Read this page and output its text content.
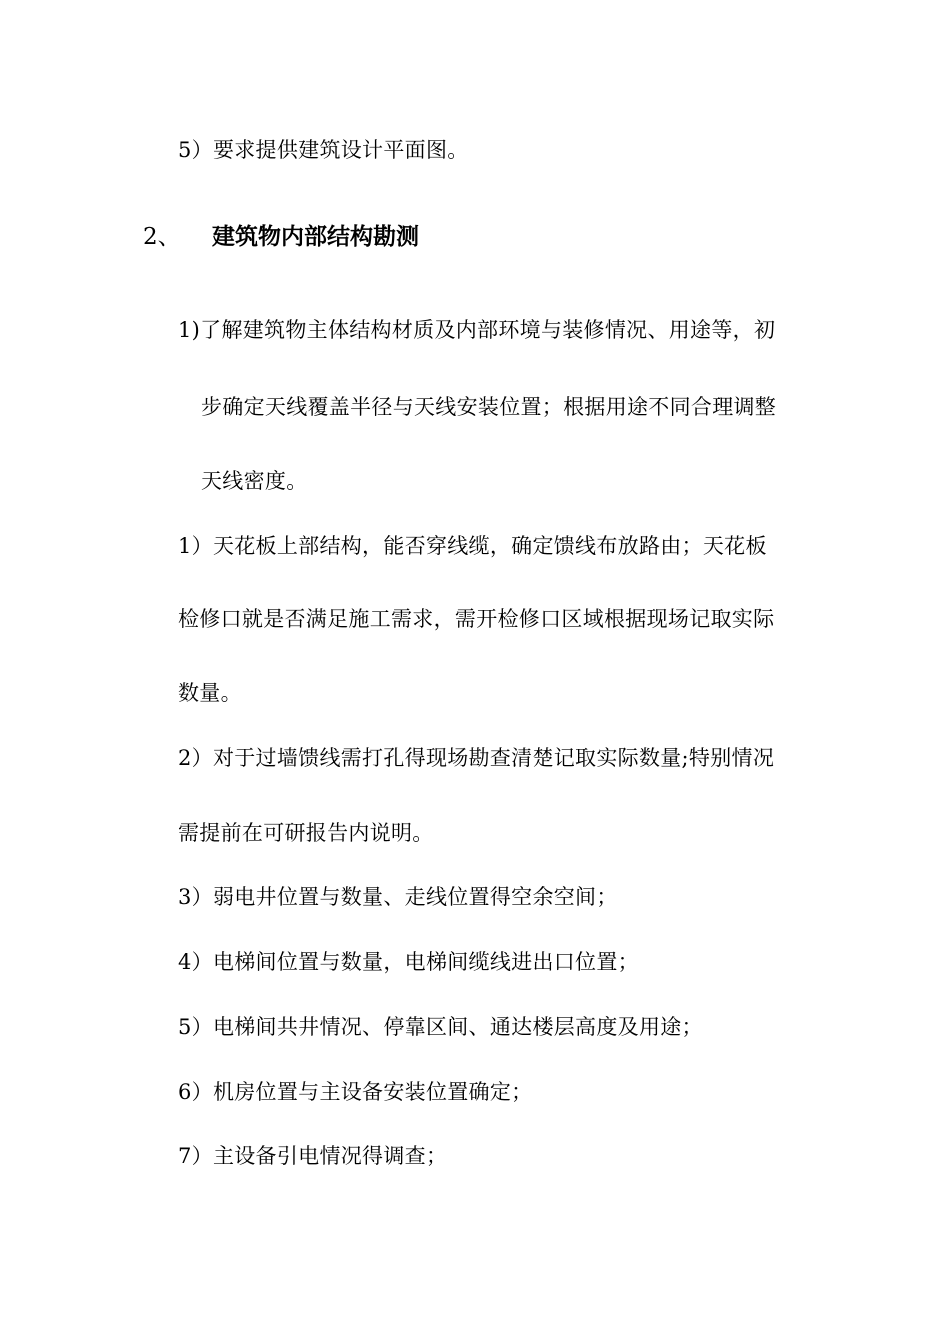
5）要求提供建筑设计平面图。
2、 建筑物内部结构勘测
1)了解建筑物主体结构材质及内部环境与装修情况、用途等，初
步确定天线覆盖半径与天线安装位置；根据用途不同合理调整
天线密度。
1）天花板上部结构，能否穿线缆，确定馈线布放路由；天花板
检修口就是否满足施工需求，需开检修口区域根据现场记取实际
数量。
2）对于过墙馈线需打孔得现场勘查清楚记取实际数量;特别情况
需提前在可研报告内说明。
3）弱电井位置与数量、走线位置得空余空间；
4）电梯间位置与数量，电梯间缆线进出口位置；
5）电梯间共井情况、停靠区间、通达楼层高度及用途；
6）机房位置与主设备安装位置确定；
7）主设备引电情况得调查；
